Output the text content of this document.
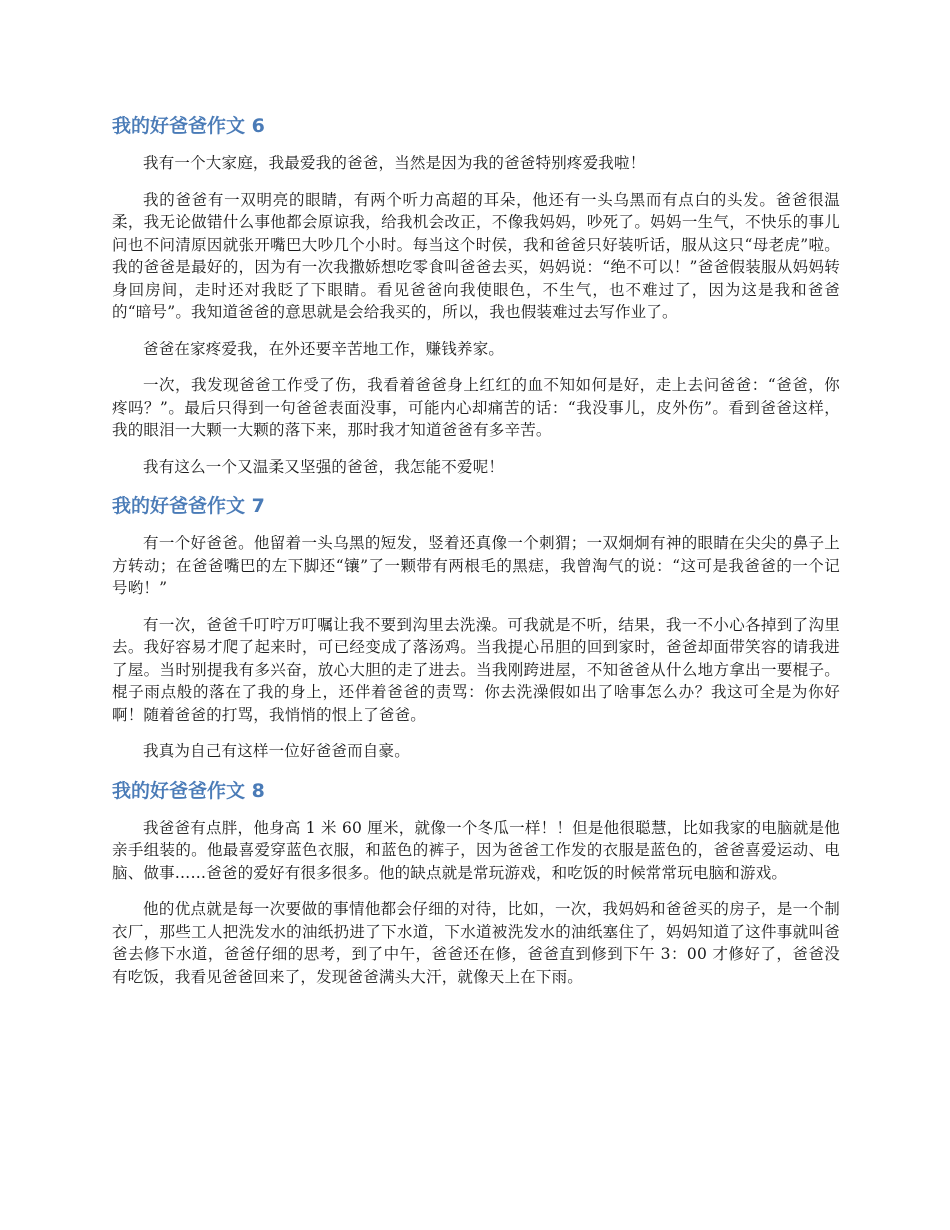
我的好爸爸作文 6

我有一个大家庭，我最爱我的爸爸，当然是因为我的爸爸特别疼爱我啦！

我的爸爸有一双明亮的眼睛，有两个听力高超的耳朵，他还有一头乌黑而有点白的头发。爸爸很温柔，我无论做错什么事他都会原谅我，给我机会改正，不像我妈妈，吵死了。妈妈一生气，不快乐的事儿问也不问清原因就张开嘴巴大吵几个小时。每当这个时侯，我和爸爸只好装听话，服从这只“母老虎”啦。我的爸爸是最好的，因为有一次我撒娇想吃零食叫爸爸去买，妈妈说：“绝不可以！”爸爸假装服从妈妈转身回房间，走时还对我眨了下眼睛。看见爸爸向我使眼色，不生气，也不难过了，因为这是我和爸爸的“暗号”。我知道爸爸的意思就是会给我买的，所以，我也假装难过去写作业了。

爸爸在家疼爱我，在外还要辛苦地工作，赚钱养家。

一次，我发现爸爸工作受了伤，我看着爸爸身上红红的血不知如何是好，走上去问爸爸：“爸爸，你疼吗？”。最后只得到一句爸爸表面没事，可能内心却痛苦的话：“我没事儿，皮外伤”。看到爸爸这样，我的眼泪一大颗一大颗的落下来，那时我才知道爸爸有多辛苦。

我有这么一个又温柔又坚强的爸爸，我怎能不爱呢！

我的好爸爸作文 7

有一个好爸爸。他留着一头乌黑的短发，竖着还真像一个刺猬；一双炯炯有神的眼睛在尖尖的鼻子上方转动；在爸爸嘴巴的左下脚还“镶”了一颗带有两根毛的黑痣，我曾淘气的说：“这可是我爸爸的一个记号哟！”

有一次，爸爸千叮咛万叮嘱让我不要到沟里去洗澡。可我就是不听，结果，我一不小心各掉到了沟里去。我好容易才爬了起来时，可已经变成了落汤鸡。当我提心吊胆的回到家时，爸爸却面带笑容的请我进了屋。当时别提我有多兴奋，放心大胆的走了进去。当我刚跨进屋，不知爸爸从什么地方拿出一要棍子。棍子雨点般的落在了我的身上，还伴着爸爸的责骂：你去洗澡假如出了啥事怎么办？我这可全是为你好啊！随着爸爸的打骂，我悄悄的恨上了爸爸。

我真为自己有这样一位好爸爸而自豪。

我的好爸爸作文 8

我爸爸有点胖，他身高 1 米 60 厘米，就像一个冬瓜一样！！但是他很聪慧，比如我家的电脑就是他亲手组装的。他最喜爱穿蓝色衣服，和蓝色的裤子，因为爸爸工作发的衣服是蓝色的，爸爸喜爱运动、电脑、做事……爸爸的爱好有很多很多。他的缺点就是常玩游戏，和吃饭的时候常常玩电脑和游戏。

他的优点就是每一次要做的事情他都会仔细的对待，比如，一次，我妈妈和爸爸买的房子，是一个制衣厂，那些工人把洗发水的油纸扔进了下水道，下水道被洗发水的油纸塞住了，妈妈知道了这件事就叫爸爸去修下水道，爸爸仔细的思考，到了中午，爸爸还在修，爸爸直到修到下午 3：00 才修好了，爸爸没有吃饭，我看见爸爸回来了，发现爸爸满头大汗，就像天上在下雨。
